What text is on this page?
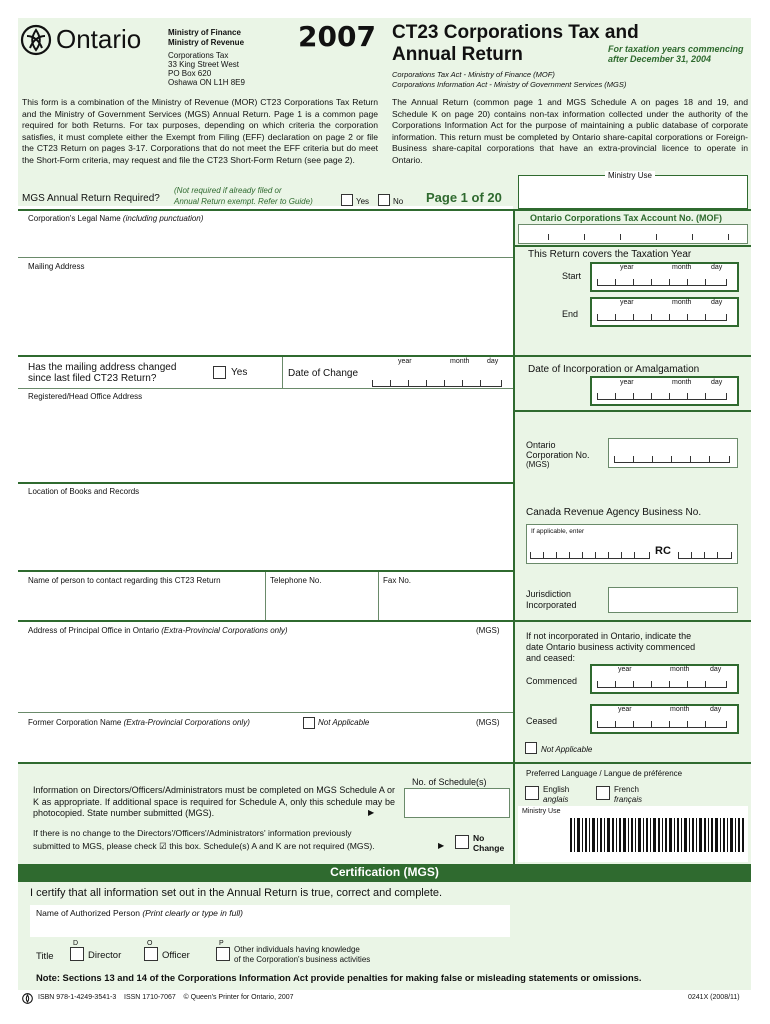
Ontario	Ministry of Finance
Ministry of Revenue
Corporations Tax
33 King Street West
PO Box 620
Oshawa ON L1H 8E9
2007 CT23 Corporations Tax and
Annual Return	For taxation years commencing
after December 31, 2004
Corporations Tax Act - Ministry of Finance (MOF)
Corporations Information Act - Ministry of Government Services (MGS)
This form is a combination of the Ministry of Revenue (MOR) CT23 Corporations Tax Return and the Ministry of Government Services (MGS) Annual Return. Page 1 is a common page required for both Returns. For tax purposes, depending on which criteria the corporation satisfies, it must complete either the Exempt from Filing (EFF) declaration on page 2 or file the CT23 Return on pages 3-17. Corporations that do not meet the EFF criteria but do meet the Short-Form criteria, may request and file the CT23 Short-Form Return (see page 2).
The Annual Return (common page 1 and MGS Schedule A on pages 18 and 19, and Schedule K on page 20) contains non-tax information collected under the authority of the Corporations Information Act for the purpose of maintaining a public database of corporate information. This return must be completed by Ontario share-capital corporations or Foreign-Business share-capital corporations that have an extra-provincial licence to operate in Ontario.
MGS Annual Return Required?
(Not required if already filed or
Annual Return exempt. Refer to Guide)	Yes	No Page 1 of 20
Ministry Use
Corporation's Legal Name (including punctuation)
Mailing Address
Has the mailing address changed
since last filed CT23 Return?
Yes	Date of Change
year	month	day
Registered/Head Office Address
Location of Books and Records
Name of person to contact regarding this CT23 Return	Telephone No.	Fax No.
Address of Principal Office in Ontario (Extra-Provincial Corporations only)	(MGS)
Former Corporation Name (Extra-Provincial Corporations only)	Not Applicable	(MGS)
No. of Schedule(s)
Information on Directors/Officers/Administrators must be completed on MGS Schedule A or K as appropriate. If additional space is required for Schedule A, only this schedule may be photocopied. State number submitted (MGS).	▶
If there is no change to the Directors'/Officers'/Administrators' information previously
submitted to MGS, please check ☑ this box. Schedule(s) A and K are not required (MGS).	▶
No
Change
Ontario Corporations Tax Account No. (MOF)
This Return covers the Taxation Year
Start
year	month	day
End
year	month	day
Date of Incorporation or Amalgamation
year	month	day
Ontario
Corporation No.
(MGS)
Canada Revenue Agency Business No.
If applicable, enter
RC
Jurisdiction
Incorporated
If not incorporated in Ontario, indicate the
date Ontario business activity commenced
and ceased:
Commenced
year	month	day
Ceased
year	month	day
Not Applicable
Preferred Language / Langue de préférence
English
anglais
French
français
Ministry Use
Certification (MGS)
I certify that all information set out in the Annual Return is true, correct and complete.
Name of Authorized Person (Print clearly or type in full)
Title
D
Director
O
Officer
P
Other individuals having knowledge
of the Corporation's business activities
Note: Sections 13 and 14 of the Corporations Information Act provide penalties for making false or misleading statements or omissions.
ISBN 978-1-4249-3541-3    ISSN 1710-7067    © Queen's Printer for Ontario, 2007	0241X (2008/11)
